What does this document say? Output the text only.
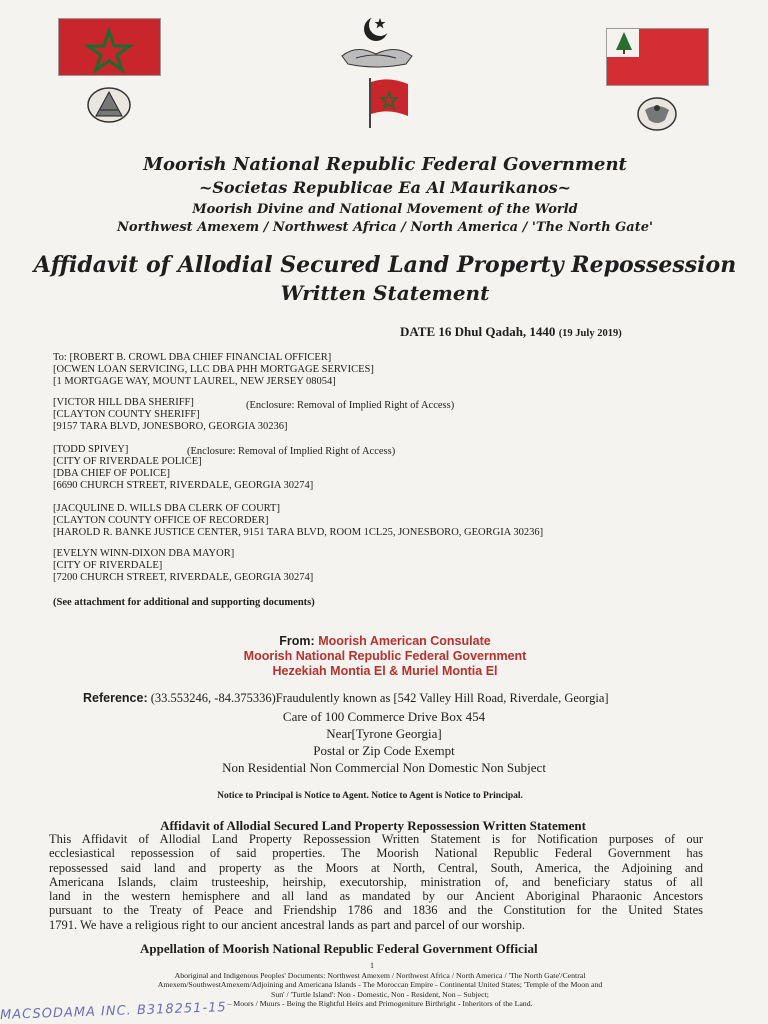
Moorish National Republic Federal Government
~Societas Republicae Ea Al Maurikanos~
Moorish Divine and National Movement of the World
Northwest Amexem / Northwest Africa / North America / 'The North Gate'
Affidavit of Allodial Secured Land Property Repossession
Written Statement
DATE 16 Dhul Qadah, 1440 (19 July 2019)
To: [ROBERT B. CROWL DBA CHIEF FINANCIAL OFFICER]
[OCWEN LOAN SERVICING, LLC DBA PHH MORTGAGE SERVICES]
[1 MORTGAGE WAY, MOUNT LAUREL, NEW JERSEY 08054]
[VICTOR HILL DBA SHERIFF]
[CLAYTON COUNTY SHERIFF]
[9157 TARA BLVD, JONESBORO, GEORGIA 30236]
(Enclosure: Removal of Implied Right of Access)
[TODD SPIVEY]
[CITY OF RIVERDALE POLICE]
[DBA CHIEF OF POLICE]
[6690 CHURCH STREET, RIVERDALE, GEORGIA 30274]
(Enclosure: Removal of Implied Right of Access)
[JACQULINE D. WILLS DBA CLERK OF COURT]
[CLAYTON COUNTY OFFICE OF RECORDER]
[HAROLD R. BANKE JUSTICE CENTER, 9151 TARA BLVD, ROOM 1CL25, JONESBORO, GEORGIA 30236]
[EVELYN WINN-DIXON DBA MAYOR]
[CITY OF RIVERDALE]
[7200 CHURCH STREET, RIVERDALE, GEORGIA 30274]
(See attachment for additional and supporting documents)
From: Moorish American Consulate
Moorish National Republic Federal Government
Hezekiah Montia El & Muriel Montia El
Reference: (33.553246, -84.375336)Fraudulently known as [542 Valley Hill Road, Riverdale, Georgia]
Care of 100 Commerce Drive Box 454
Near[Tyrone Georgia]
Postal or Zip Code Exempt
Non Residential Non Commercial Non Domestic Non Subject
Notice to Principal is Notice to Agent. Notice to Agent is Notice to Principal.
Affidavit of Allodial Secured Land Property Repossession Written Statement
This Affidavit of Allodial Land Property Repossession Written Statement is for Notification purposes of our
ecclesiastical repossession of said properties. The Moorish National Republic Federal Government has
repossessed said land and property as the Moors at North, Central, South, America, the Adjoining and
Americana Islands, claim trusteeship, heirship, executorship, ministration of, and beneficiary status of all
land in the western hemisphere and all land as mandated by our Ancient Aboriginal Pharaonic Ancestors
pursuant to the Treaty of Peace and Friendship 1786 and 1836 and the Constitution for the United States
1791. We have a religious right to our ancient ancestral lands as part and parcel of our worship.
Appellation of Moorish National Republic Federal Government Official
1
Aboriginal and Indigenous Peoples' Documents: Northwest Amexem / Northwest Africa / North America / 'The North Gate'/Central
Amexem/SouthwestAmexem/Adjoining and Americana Islands - The Moroccan Empire - Continental United States; 'Temple of the Moon and
Sun' / 'Turtle Island': Non - Domestic, Non - Resident, Non – Subject;
– Moors / Muurs - Being the Rightful Heirs and Primogeniture Birthright - Inheritors of the Land.
MACSODAMA INC. B318251-15
